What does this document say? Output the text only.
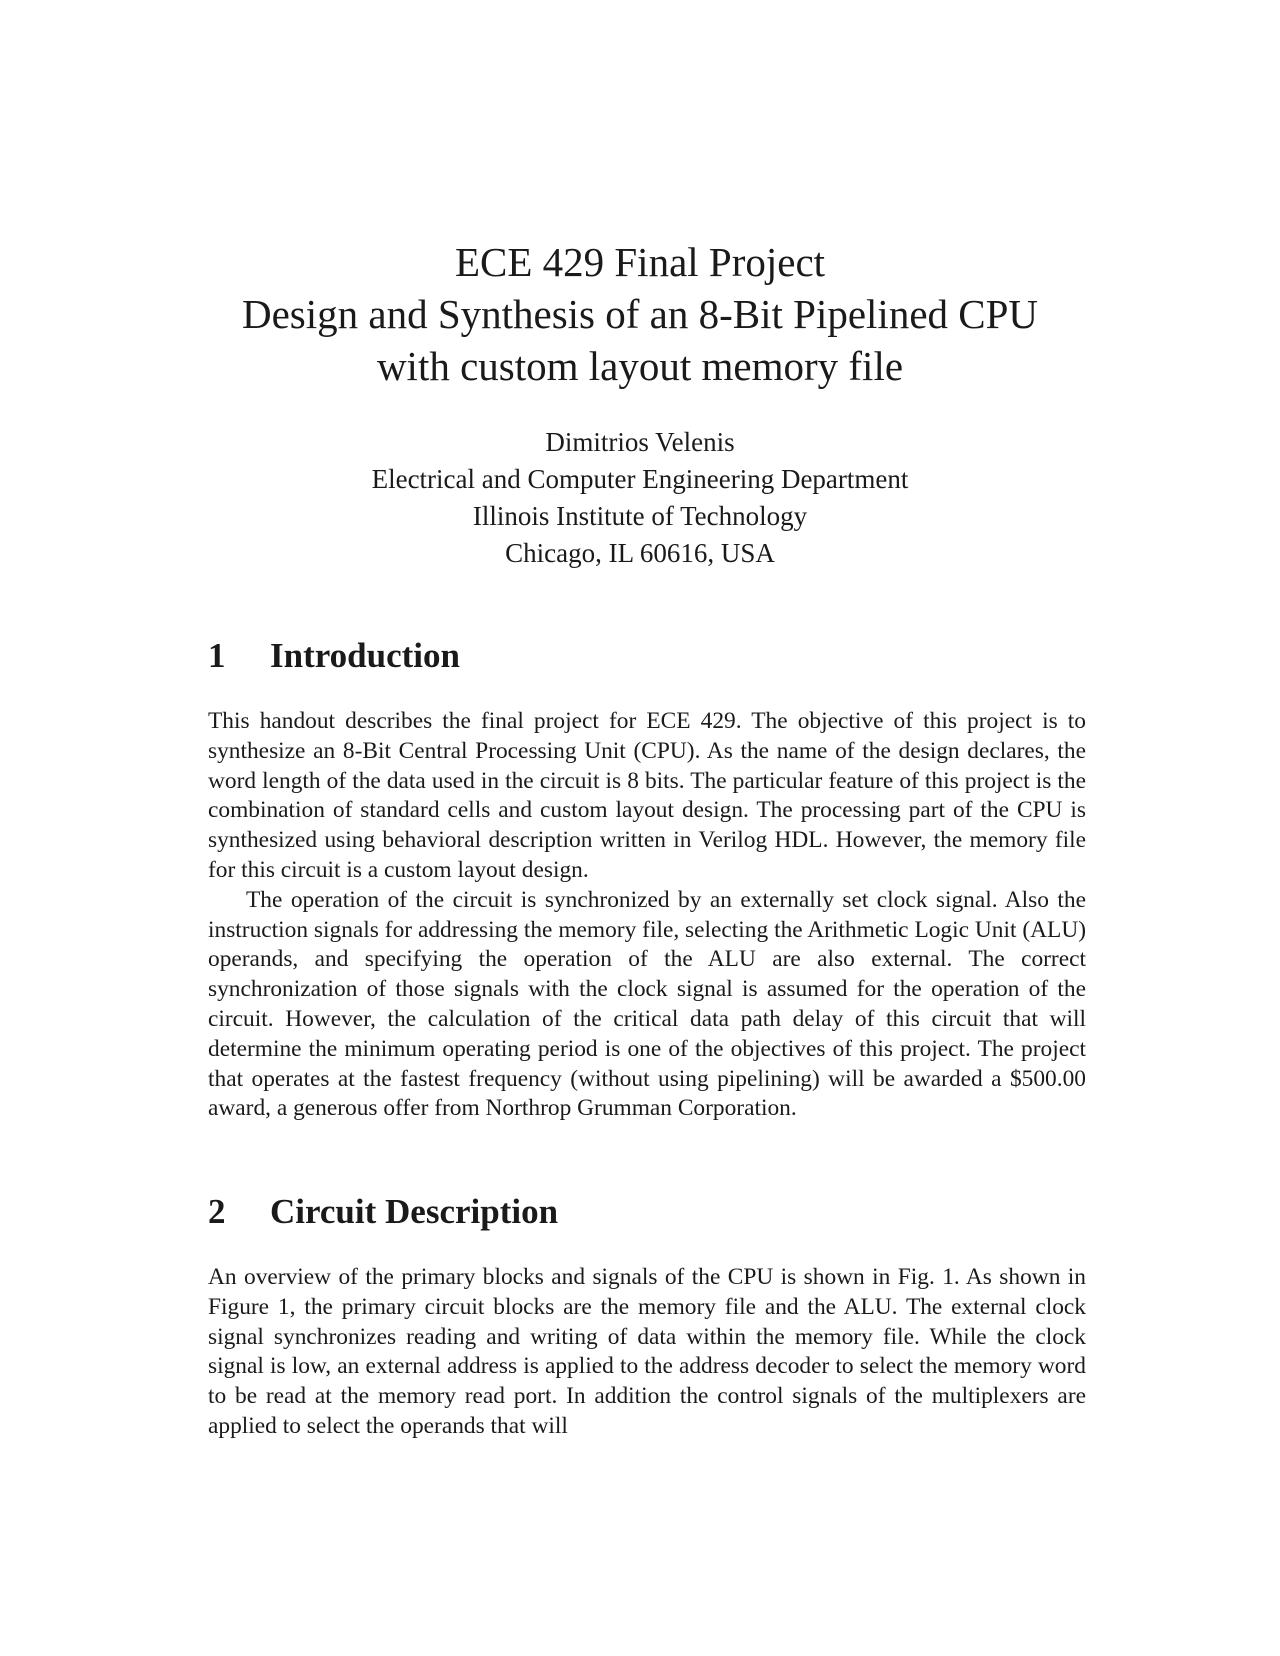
ECE 429 Final Project

Design and Synthesis of an 8-Bit Pipelined CPU

with custom layout memory file

Dimitrios Velenis

Electrical and Computer Engineering Department

Illinois Institute of Technology

Chicago, IL 60616, USA

1 Introduction

This handout describes the final project for ECE 429. The objective of this project is to synthesize an 8-Bit Central Processing Unit (CPU). As the name of the design declares, the word length of the data used in the circuit is 8 bits. The particular feature of this project is the combination of standard cells and custom layout design. The processing part of the CPU is synthesized using behavioral description written in Verilog HDL. However, the memory file for this circuit is a custom layout design.

The operation of the circuit is synchronized by an externally set clock signal. Also the instruction signals for addressing the memory file, selecting the Arithmetic Logic Unit (ALU) operands, and specifying the operation of the ALU are also external. The correct synchronization of those signals with the clock signal is assumed for the operation of the circuit. However, the calculation of the critical data path delay of this circuit that will determine the minimum operating period is one of the objectives of this project. The project that operates at the fastest frequency (without using pipelining) will be awarded a $500.00 award, a generous offer from Northrop Grumman Corporation.

2 Circuit Description

An overview of the primary blocks and signals of the CPU is shown in Fig. 1. As shown in Figure 1, the primary circuit blocks are the memory file and the ALU. The external clock signal synchronizes reading and writing of data within the memory file. While the clock signal is low, an external address is applied to the address decoder to select the memory word to be read at the memory read port. In addition the control signals of the multiplexers are applied to select the operands that will
